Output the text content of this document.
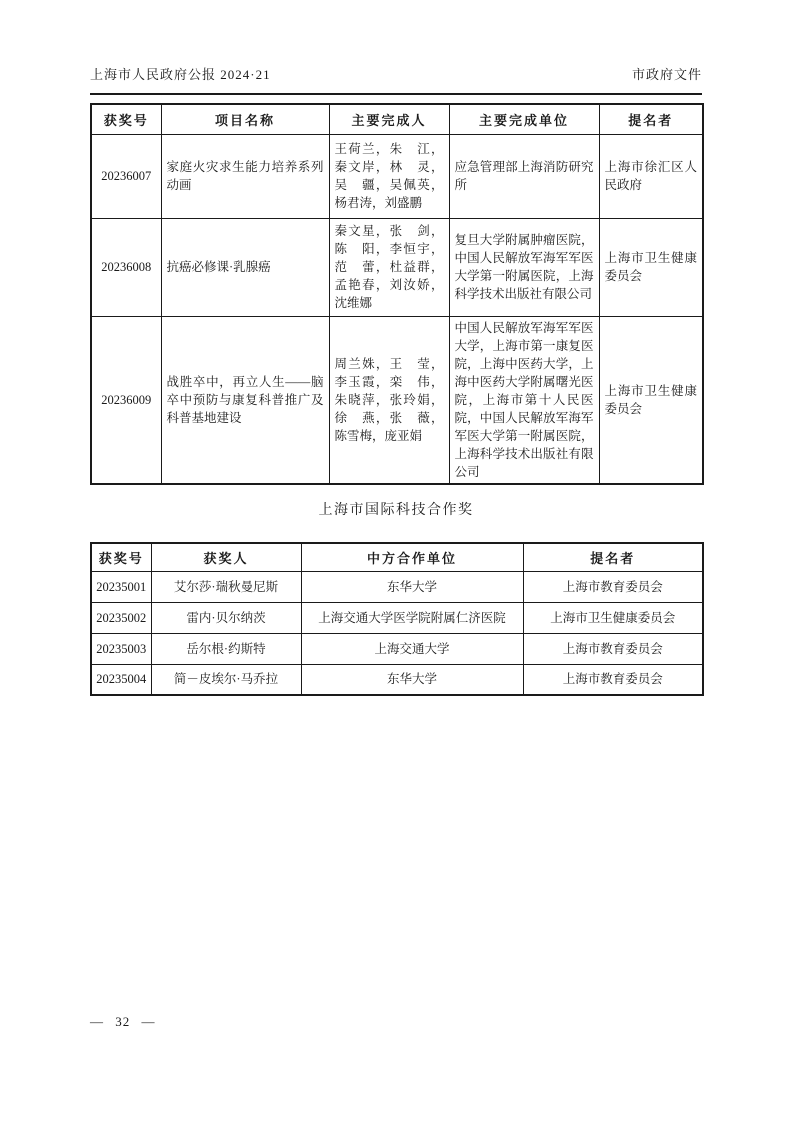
上海市人民政府公报 2024·21	市政府文件
获奖号	项目名称	主要完成人	主要完成单位	提名者
20236007	家庭火灾求生能力培养系列动画	王荷兰，朱　江，秦文岸，林　灵，吴　疆，吴佩英，杨君涛，刘盛鹏	应急管理部上海消防研究所	上海市徐汇区人民政府
20236008	抗癌必修课·乳腺癌	秦文星，张　剑，陈　阳，李恒宇，范　蕾，杜益群，孟艳春，刘汝娇，沈维娜	复旦大学附属肿瘤医院，中国人民解放军海军军医大学第一附属医院，上海科学技术出版社有限公司	上海市卫生健康委员会
20236009	战胜卒中，再立人生——脑卒中预防与康复科普推广及科普基地建设	周兰姝，王　莹，李玉霞，栾　伟，朱晓萍，张玲娟，徐　燕，张　薇，陈雪梅，庞亚娟	中国人民解放军海军军医大学，上海市第一康复医院，上海中医药大学，上海中医药大学附属曙光医院，上海市第十人民医院，中国人民解放军海军军医大学第一附属医院，上海科学技术出版社有限公司	上海市卫生健康委员会
上海市国际科技合作奖
获奖号	获奖人	中方合作单位	提名者
20235001	艾尔莎·瑞秋曼尼斯	东华大学	上海市教育委员会
20235002	雷内·贝尔纳茨	上海交通大学医学院附属仁济医院	上海市卫生健康委员会
20235003	岳尔根·约斯特	上海交通大学	上海市教育委员会
20235004	简－皮埃尔·马乔拉	东华大学	上海市教育委员会
— 32 —
